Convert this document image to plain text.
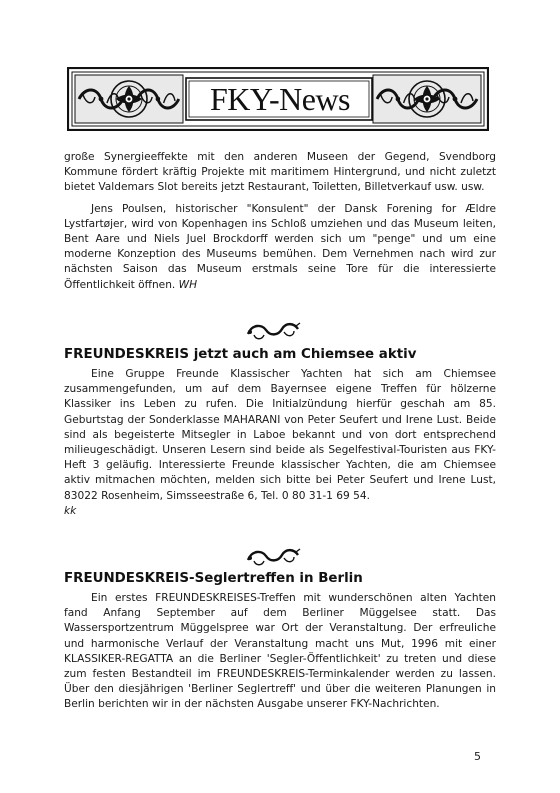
FKY-News

große Synergieeffekte mit den anderen Museen der Gegend, Svendborg Kommune fördert kräftig Projekte mit maritimem Hintergrund, und nicht zuletzt bietet Valdemars Slot bereits jetzt Restaurant, Toiletten, Billetverkauf usw. usw.

Jens Poulsen, historischer "Konsulent" der Dansk Forening for Ældre Lystfartøjer, wird von Kopenhagen ins Schloß umziehen und das Museum leiten, Bent Aare und Niels Juel Brockdorff werden sich um "penge" und um eine moderne Konzeption des Museums bemühen. Dem Vernehmen nach wird zur nächsten Saison das Museum erstmals seine Tore für die interessierte Öffentlichkeit öffnen. WH

FREUNDESKREIS jetzt auch am Chiemsee aktiv

Eine Gruppe Freunde Klassischer Yachten hat sich am Chiemsee zusammengefunden, um auf dem Bayernsee eigene Treffen für hölzerne Klassiker ins Leben zu rufen. Die Initialzündung hierfür geschah am 85. Geburtstag der Sonderklasse MAHARANI von Peter Seufert und Irene Lust. Beide sind als begeisterte Mitsegler in Laboe bekannt und von dort entsprechend milieugeschädigt. Unseren Lesern sind beide als Segelfestival-Touristen aus FKY-Heft 3 geläufig. Interessierte Freunde klassischer Yachten, die am Chiemsee aktiv mitmachen möchten, melden sich bitte bei Peter Seufert und Irene Lust, 83022 Rosenheim, Simsseestraße 6, Tel. 0 80 31-1 69 54.

kk

FREUNDESKREIS-Seglertreffen in Berlin

Ein erstes FREUNDESKREISES-Treffen mit wunderschönen alten Yachten fand Anfang September auf dem Berliner Müggelsee statt. Das Wassersportzentrum Müggelspree war Ort der Veranstaltung. Der erfreuliche und harmonische Verlauf der Veranstaltung macht uns Mut, 1996 mit einer KLASSIKER-REGATTA an die Berliner 'Segler-Öffentlichkeit' zu treten und diese zum festen Bestandteil im FREUNDESKREIS-Terminkalender werden zu lassen. Über den diesjährigen 'Berliner Seglertreff' und über die weiteren Planungen in Berlin berichten wir in der nächsten Ausgabe unserer FKY-Nachrichten.

5
